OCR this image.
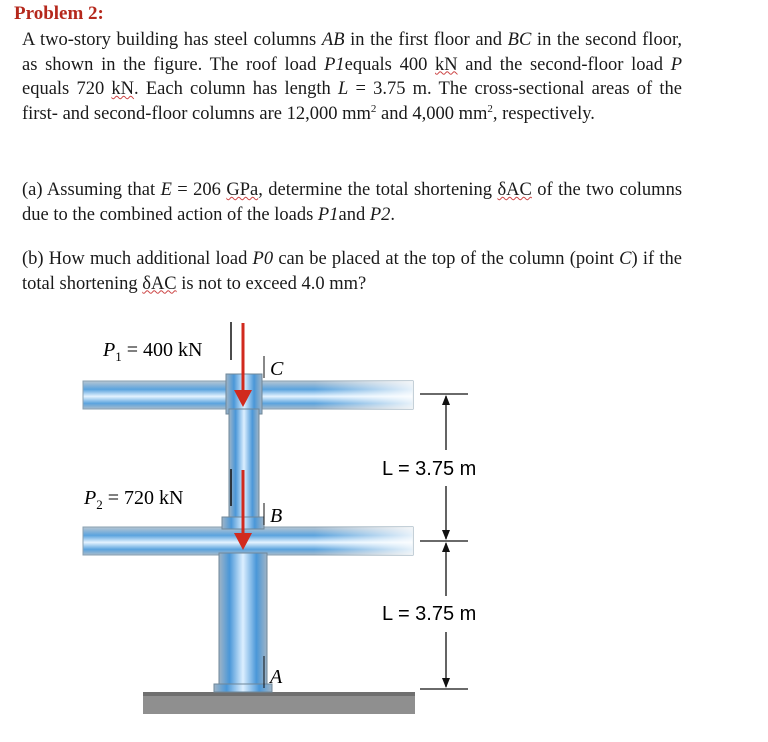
Problem 2:
A two-story building has steel columns AB in the first floor and BC in the second floor, as shown in the figure. The roof load P1equals 400 kN and the second-floor load P equals 720 kN. Each column has length L = 3.75 m. The cross-sectional areas of the first- and second-floor columns are 12,000 $mm^2$ and 4,000 $mm^2$, respectively.
(a) Assuming that E = 206 GPa, determine the total shortening δAC of the two columns due to the combined action of the loads P1and P2.
(b) How much additional load P0 can be placed at the top of the column (point C) if the total shortening δAC is not to exceed 4.0 mm?
$P_1 = 400$ kN
$P_2 = 720$ kN
C
B
A
L = 3.75 m
L = 3.75 m
